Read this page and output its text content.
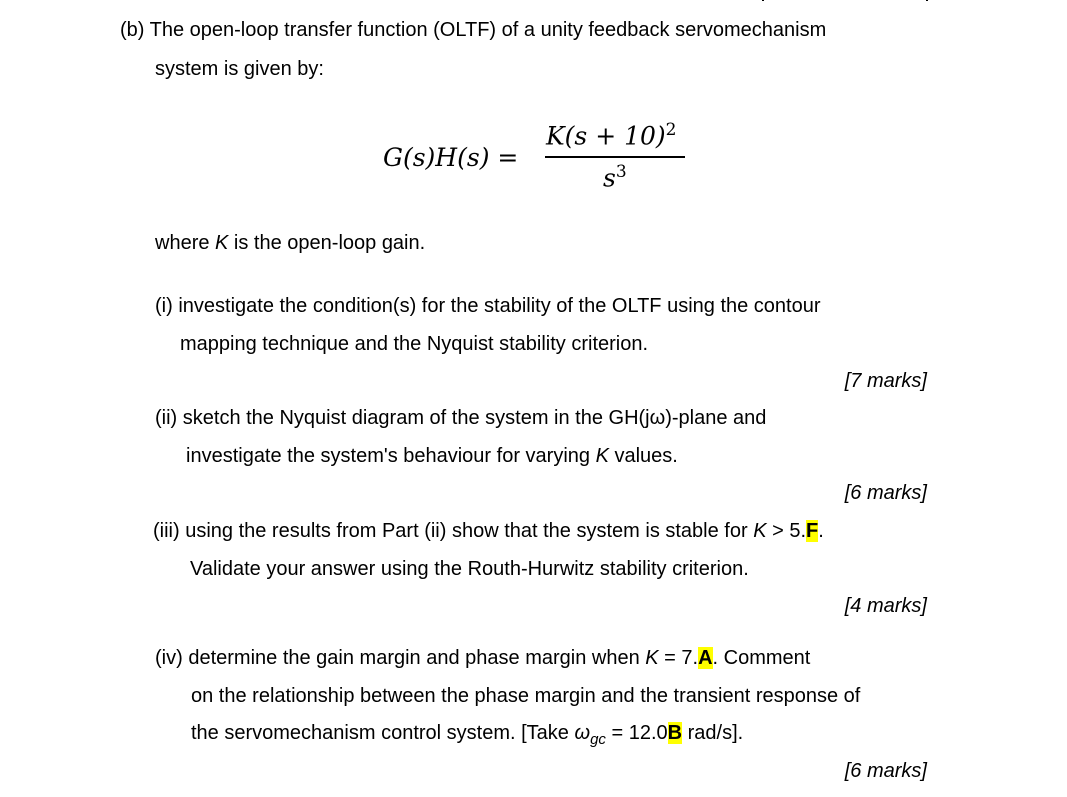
(b) The open-loop transfer function (OLTF) of a unity feedback servomechanism
system is given by:
G(s)H(s) =
$K(s + 10)^2$
$s^3$
where K is the open-loop gain.
(i) investigate the condition(s) for the stability of the OLTF using the contour
mapping technique and the Nyquist stability criterion.
[7 marks]
(ii) sketch the Nyquist diagram of the system in the GH(jω)-plane and
investigate the system's behaviour for varying K values.
[6 marks]
(iii) using the results from Part (ii) show that the system is stable for K > 5.F.
Validate your answer using the Routh-Hurwitz stability criterion.
[4 marks]
(iv) determine the gain margin and phase margin when K = 7.A. Comment
on the relationship between the phase margin and the transient response of
the servomechanism control system. [Take $\omega_{gc} = 12.0B$ rad/s].
[6 marks]
